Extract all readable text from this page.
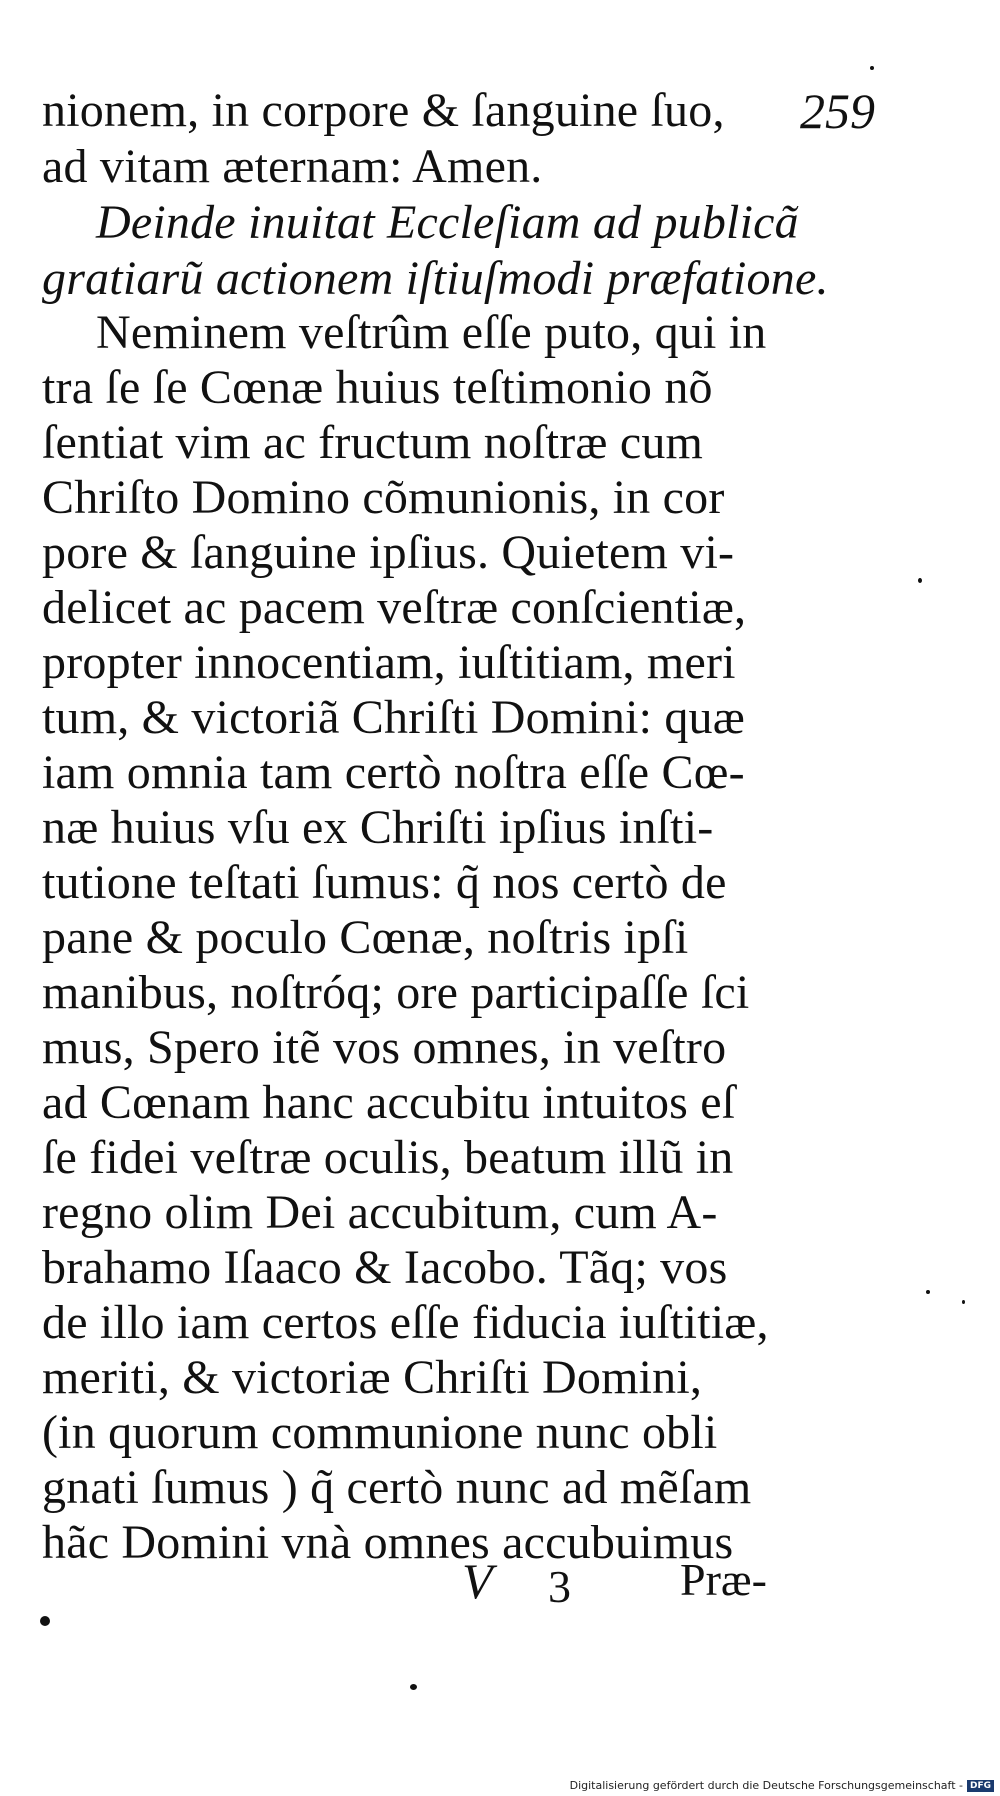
259
nionem, in corpore & ſanguine ſuo,
ad vitam æternam: Amen.
Deinde inuitat Eccleſiam ad publicã
gratiarũ actionem iſtiuſmodi præfatione.
Neminem veſtrûm eſſe puto, qui in
tra ſe ſe Cœnæ huius teſtimonio nõ
ſentiat vim ac fructum noſtræ cum
Chriſto Domino cõmunionis, in cor
pore & ſanguine ipſius. Quietem vi-
delicet ac pacem veſtræ conſcientiæ,
propter innocentiam, iuſtitiam, meri
tum, & victoriã Chriſti Domini: quæ
iam omnia tam certò noſtra eſſe Cœ-
næ huius vſu ex Chriſti ipſius inſti-
tutione teſtati ſumus: q̃ nos certò de
pane & poculo Cœnæ, noſtris ipſi
manibus, noſtróq; ore participaſſe ſci
mus, Spero itẽ vos omnes, in veſtro
ad Cœnam hanc accubitu intuitos eſ
ſe fidei veſtræ oculis, beatum illũ in
regno olim Dei accubitum, cum A-
brahamo Iſaaco & Iacobo. Tãq; vos
de illo iam certos eſſe fiducia iuſtitiæ,
meriti, & victoriæ Chriſti Domini,
(in quorum communione nunc obli
gnati ſumus ) q̃ certò nunc ad mẽſam
hãc Domini vnà omnes accubuimus
V 3 Præ-
Digitalisierung gefördert durch die Deutsche Forschungsgemeinschaft - DFG
